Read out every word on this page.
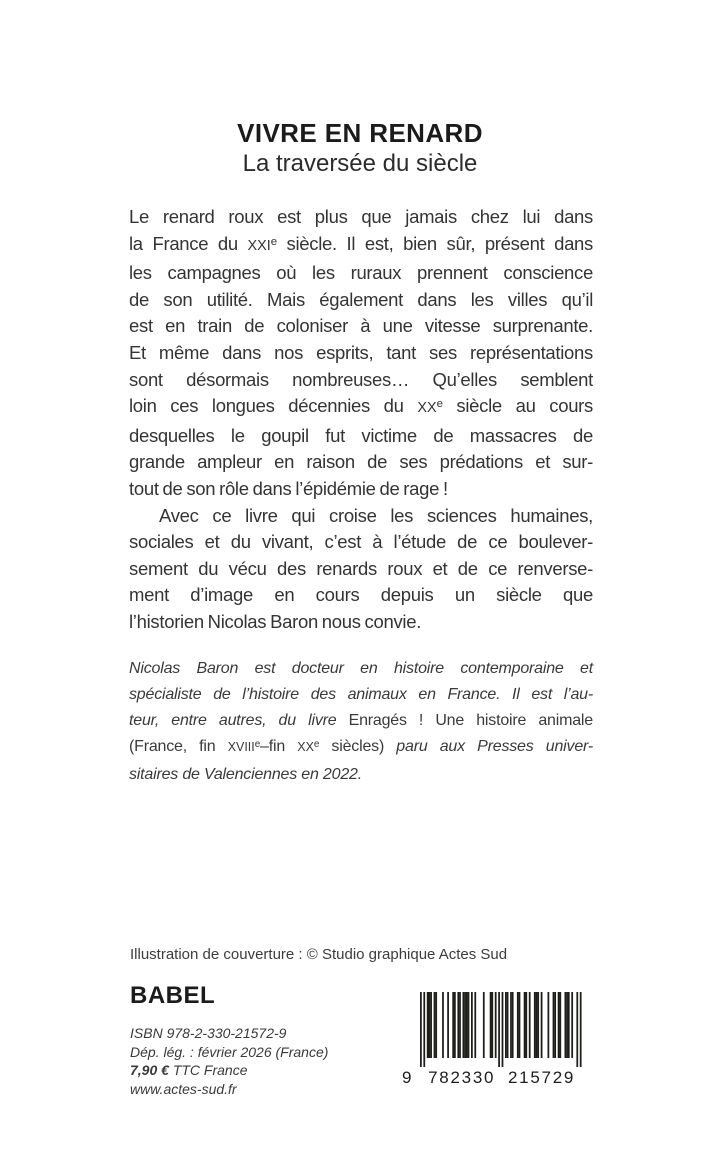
VIVRE EN RENARD
La traversée du siècle
Le renard roux est plus que jamais chez lui dans
la France du XXIe siècle. Il est, bien sûr, présent dans
les campagnes où les ruraux prennent conscience
de son utilité. Mais également dans les villes qu’il
est en train de coloniser à une vitesse surprenante.
Et même dans nos esprits, tant ses représentations
sont désormais nombreuses… Qu’elles semblent
loin ces longues décennies du XXe siècle au cours
desquelles le goupil fut victime de massacres de
grande ampleur en raison de ses prédations et sur-
tout de son rôle dans l’épidémie de rage !
Avec ce livre qui croise les sciences humaines,
sociales et du vivant, c’est à l’étude de ce boulever-
sement du vécu des renards roux et de ce renverse-
ment d’image en cours depuis un siècle que
l’historien Nicolas Baron nous convie.
Nicolas Baron est docteur en histoire contemporaine et
spécialiste de l’histoire des animaux en France. Il est l’au-
teur, entre autres, du livre Enragés ! Une histoire animale
(France, fin XVIIIe–fin XXe siècles) paru aux Presses univer-
sitaires de Valenciennes en 2022.
Illustration de couverture : © Studio graphique Actes Sud
BABEL
ISBN 978-2-330-21572-9
Dép. lég. : février 2026 (France)
7,90 € TTC France
www.actes-sud.fr
9 782330 215729
